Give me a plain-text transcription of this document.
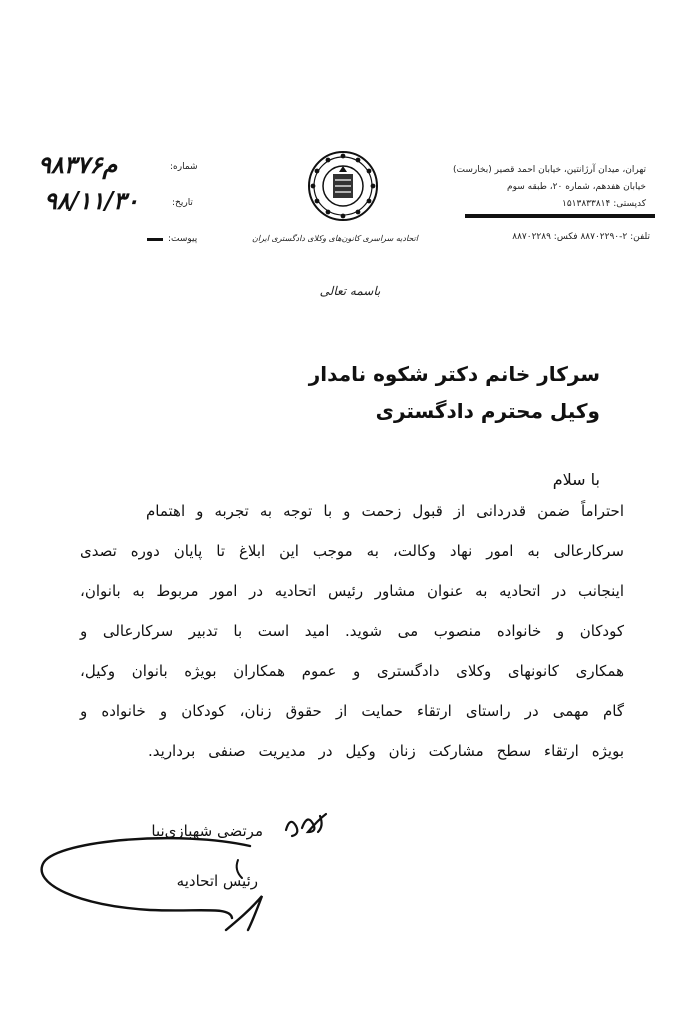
تهران، میدان آرژانتین، خیابان احمد قصیر (بخارست)
خیابان هفدهم، شماره ۲۰، طبقه سوم
کدپستی: ۱۵۱۳۸۳۳۸۱۴
تلفن: ۲-۸۸۷۰۲۲۹۰ فکس: ۸۸۷۰۲۲۸۹
اتحادیه سراسری کانون‌های وکلای دادگستری ایران
شماره:
۹۸م۳۷۶
تاریخ:
۹۸/۱۱/۳۰
پیوست:
باسمه تعالی
سرکار خانم دکتر شکوه نامدار
وکیل محترم دادگستری
با سلام
احتراماً ضمن قدردانی از قبول زحمت و با توجه به تجربه و اهتمام
سرکارعالی به امور نهاد وکالت، به موجب این ابلاغ تا پایان دوره تصدی
اینجانب در اتحادیه به عنوان مشاور رئیس اتحادیه در امور مربوط به بانوان،
کودکان و خانواده منصوب می شوید. امید است با تدبیر سرکارعالی و
همکاری کانونهای وکلای دادگستری و عموم همکاران بویژه بانوان وکیل،
گام مهمی در راستای ارتقاء حمایت از حقوق زنان، کودکان و خانواده و
بویژه ارتقاء سطح مشارکت زنان وکیل در مدیریت صنفی بردارید.
مرتضی شهبازی‌نیا
رئیس اتحادیه
